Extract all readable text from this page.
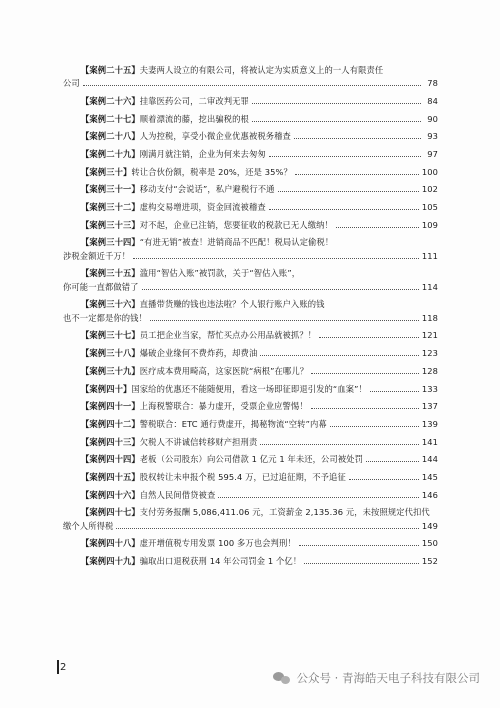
【案例二十五】夫妻两人设立的有限公司，将被认定为实质意义上的一人有限责任
公司	78
【案例二十六】挂靠医药公司，二审改判无罪	84
【案例二十七】顺着漂流的藤，挖出骗税的根	90
【案例二十八】人为控税，享受小微企业优惠被税务稽查	93
【案例二十九】刚满月就注销，企业为何来去匆匆	97
【案例三十】转让合伙份额，税率是 20%，还是 35%？	100
【案例三十一】移动支付“会说话”，私户避税行不通	102
【案例三十二】虚构交易增进项，资金回流被稽查	105
【案例三十三】对不起，企业已注销，您要征收的税款已无人缴纳！	109
【案例三十四】“有进无销”被查！进销商品不匹配！税局认定偷税！
涉税金额近千万！	111
【案例三十五】滥用“智估入账”被罚款，关于“智估入账”，
你可能一直都做错了	114
【案例三十六】直播带货赚的钱也违法啦？个人银行账户入账的钱
也不一定都是你的钱！	118
【案例三十七】员工把企业当家，帮忙买点办公用品就被抓？！	121
【案例三十八】爆破企业缘何不费炸药，却费油	123
【案例三十九】医疗成本费用畸高，这家医院“病根”在哪儿？	128
【案例四十】国家给的优惠还不能随便用，看这一场即征即退引发的“血案”！	133
【案例四十一】上海税警联合：暴力虚开，受票企业应警惕！	137
【案例四十二】警税联合：ETC 通行费虚开，揭秘物流“空转”内幕	139
【案例四十三】欠税人不讲诚信转移财产担刑责	141
【案例四十四】老板（公司股东）向公司借款 1 亿元 1 年未还，公司被处罚	144
【案例四十五】股权转让未申报个税 595.4 万，已过追征期，不予追征	145
【案例四十六】自然人民间借贷被查	146
【案例四十七】支付劳务报酬 5,086,411.06 元，工资薪金 2,135.36 元，未按照规定代扣代
缴个人所得税	149
【案例四十八】虚开增值税专用发票 100 多万也会判刑！	150
【案例四十九】骗取出口退税获刑 14 年公司罚金 1 个亿！	152
2
公众号 · 青海皓天电子科技有限公司
